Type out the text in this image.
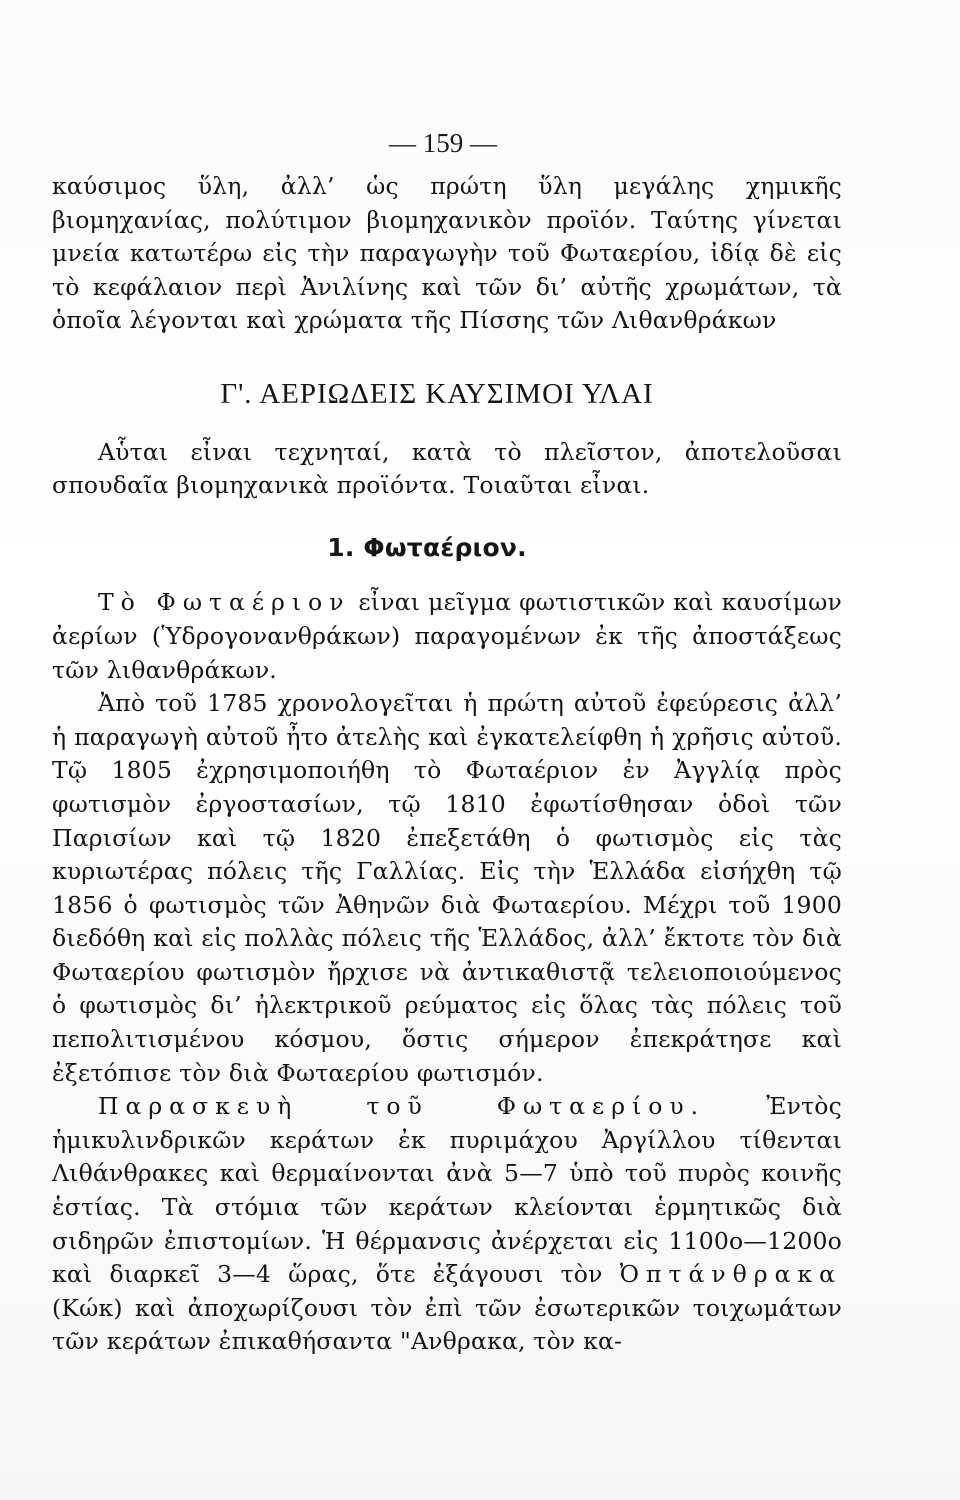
— 159 —

καύσιμος ὕλη, ἀλλ’ ὡς πρώτη ὕλη μεγάλης χημικῆς βιομηχανίας, πολύτιμον βιομηχανικὸν προϊόν. Ταύτης γίνεται μνεία κατωτέρω εἰς τὴν παραγωγὴν τοῦ Φωταερίου, ἰδίᾳ δὲ εἰς τὸ κεφάλαιον περὶ Ἀνιλίνης καὶ τῶν δι’ αὐτῆς χρωμάτων, τὰ ὁποῖα λέγονται καὶ χρώματα τῆς Πίσσης τῶν Λιθανθράκων

Γ'. ΑΕΡΙΩΔΕΙΣ ΚΑΥΣΙΜΟΙ ΥΛΑΙ

Αὗται εἶναι τεχνηταί, κατὰ τὸ πλεῖστον, ἀποτελοῦσαι σπουδαῖα βιομηχανικὰ προϊόντα. Τοιαῦται εἶναι.

1. Φωταέριον.

Τὸ Φωταέριον εἶναι μεῖγμα φωτιστικῶν καὶ καυσίμων ἀερίων (Ὑδρογονανθράκων) παραγομένων ἐκ τῆς ἀποστάξεως τῶν λιθανθράκων.

Ἀπὸ τοῦ 1785 χρονολογεῖται ἡ πρώτη αὐτοῦ ἐφεύρεσις ἀλλ’ ἡ παραγωγὴ αὐτοῦ ἦτο ἀτελὴς καὶ ἐγκατελείφθη ἡ χρῆσις αὐτοῦ. Τῷ 1805 ἐχρησιμοποιήθη τὸ Φωταέριον ἐν Ἀγγλίᾳ πρὸς φωτισμὸν ἐργοστασίων, τῷ 1810 ἐφωτίσθησαν ὁδοὶ τῶν Παρισίων καὶ τῷ 1820 ἐπεξετάθη ὁ φωτισμὸς εἰς τὰς κυριωτέρας πόλεις τῆς Γαλλίας. Εἰς τὴν Ἑλλάδα εἰσήχθη τῷ 1856 ὁ φωτισμὸς τῶν Ἀθηνῶν διὰ Φωταερίου. Μέχρι τοῦ 1900 διεδόθη καὶ εἰς πολλὰς πόλεις τῆς Ἑλλάδος, ἀλλ’ ἔκτοτε τὸν διὰ Φωταερίου φωτισμὸν ἤρχισε νὰ ἀντικαθιστᾷ τελειοποιούμενος ὁ φωτισμὸς δι’ ἠλεκτρικοῦ ρεύματος εἰς ὅλας τὰς πόλεις τοῦ πεπολιτισμένου κόσμου, ὅστις σήμερον ἐπεκράτησε καὶ ἐξετόπισε τὸν διὰ Φωταερίου φωτισμόν.

Παρασκευὴ τοῦ Φωταερίου. Ἐντὸς ἡμικυλινδρικῶν κεράτων ἐκ πυριμάχου Ἀργίλλου τίθενται Λιθάνθρακες καὶ θερμαίνονται ἀνὰ 5—7 ὑπὸ τοῦ πυρὸς κοινῆς ἑστίας. Τὰ στόμια τῶν κεράτων κλείονται ἑρμητικῶς διὰ σιδηρῶν ἐπιστομίων. Ἡ θέρμανσις ἀνέρχεται εἰς 1100ο—1200ο καὶ διαρκεῖ 3—4 ὥρας, ὅτε ἐξάγουσι τὸν Ὀπτάνθρακα (Κώκ) καὶ ἀποχωρίζουσι τὸν ἐπὶ τῶν ἐσωτερικῶν τοιχωμάτων τῶν κεράτων ἐπικαθήσαντα "Ανθρακα, τὸν κα-
